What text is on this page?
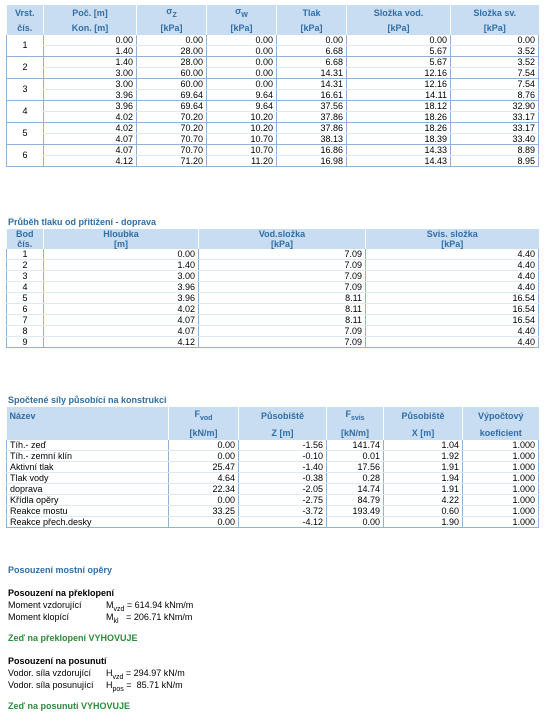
Vrst.	Poč. [m]	$\sigma_Z$	$\sigma_W$	Tlak	Složka vod.	Složka sv.
čís.	Kon. [m]	[kPa]	[kPa]	[kPa]	[kPa]	[kPa]
1	0.00	0.00	0.00	0.00	0.00	0.00
	1.40	28.00	0.00	6.68	5.67	3.52
2	1.40	28.00	0.00	6.68	5.67	3.52
	3.00	60.00	0.00	14.31	12.16	7.54
3	3.00	60.00	0.00	14.31	12.16	7.54
	3.96	69.64	9.64	16.61	14.11	8.76
4	3.96	69.64	9.64	37.56	18.12	32.90
	4.02	70.20	10.20	37.86	18.26	33.17
5	4.02	70.20	10.20	37.86	18.26	33.17
	4.07	70.70	10.70	38.13	18.39	33.40
6	4.07	70.70	10.70	16.86	14.33	8.89
	4.12	71.20	11.20	16.98	14.43	8.95
Průběh tlaku od přitížení - doprava
Bod	Hloubka	Vod.složka	Svis. složka
čís.	[m]	[kPa]	[kPa]
1	0.00	7.09	4.40
2	1.40	7.09	4.40
3	3.00	7.09	4.40
4	3.96	7.09	4.40
5	3.96	8.11	16.54
6	4.02	8.11	16.54
7	4.07	8.11	16.54
8	4.07	7.09	4.40
9	4.12	7.09	4.40
Spočtené síly působící na konstrukci
Název	$F_{vod}$	Působiště	$F_{svis}$	Působiště	Výpočtový
	[kN/m]	Z [m]	[kN/m]	X [m]	koeficient
Tíh.- zeď	0.00	-1.56	141.74	1.04	1.000
Tíh.- zemní klín	0.00	-0.10	0.01	1.92	1.000
Aktivní tlak	25.47	-1.40	17.56	1.91	1.000
Tlak vody	4.64	-0.38	0.28	1.94	1.000
doprava	22.34	-2.05	14.74	1.91	1.000
Křídla opěry	0.00	-2.75	84.79	4.22	1.000
Reakce mostu	33.25	-3.72	193.49	0.60	1.000
Reakce přech.desky	0.00	-4.12	0.00	1.90	1.000
Posouzení mostní opěry
Posouzení na překlopení
Moment vzdorující	$M_{vzd} = 614.94$ kNm/m
Moment klopící	$M_{kl} = 206.71$ kNm/m
Zeď na překlopení VYHOVUJE
Posouzení na posunutí
Vodor. síla vzdorující $H_{vzd} = 294.97$ kN/m
Vodor. síla posunující $H_{pos} = 85.71$ kN/m
Zeď na posunutí VYHOVUJE
